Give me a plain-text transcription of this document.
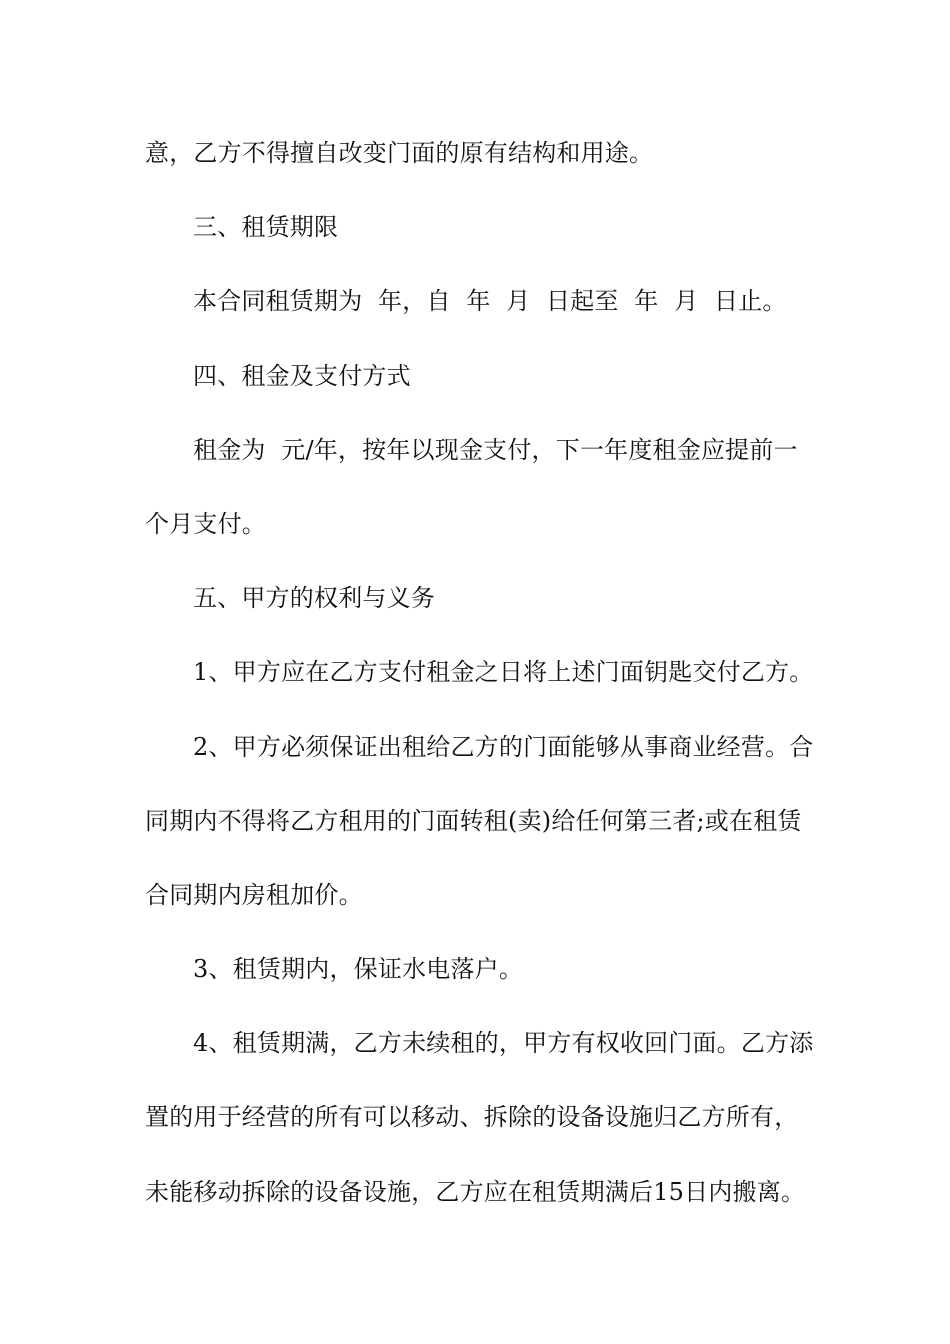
意，乙方不得擅自改变门面的原有结构和用途。
三、租赁期限
本合同租赁期为  年，自  年  月  日起至  年  月  日止。
四、租金及支付方式
租金为  元/年，按年以现金支付，下一年度租金应提前一
个月支付。
五、甲方的权利与义务
1、甲方应在乙方支付租金之日将上述门面钥匙交付乙方。
2、甲方必须保证出租给乙方的门面能够从事商业经营。合
同期内不得将乙方租用的门面转租(卖)给任何第三者;或在租赁
合同期内房租加价。
3、租赁期内，保证水电落户。
4、租赁期满，乙方未续租的，甲方有权收回门面。乙方添
置的用于经营的所有可以移动、拆除的设备设施归乙方所有，
未能移动拆除的设备设施，乙方应在租赁期满后15日内搬离。
